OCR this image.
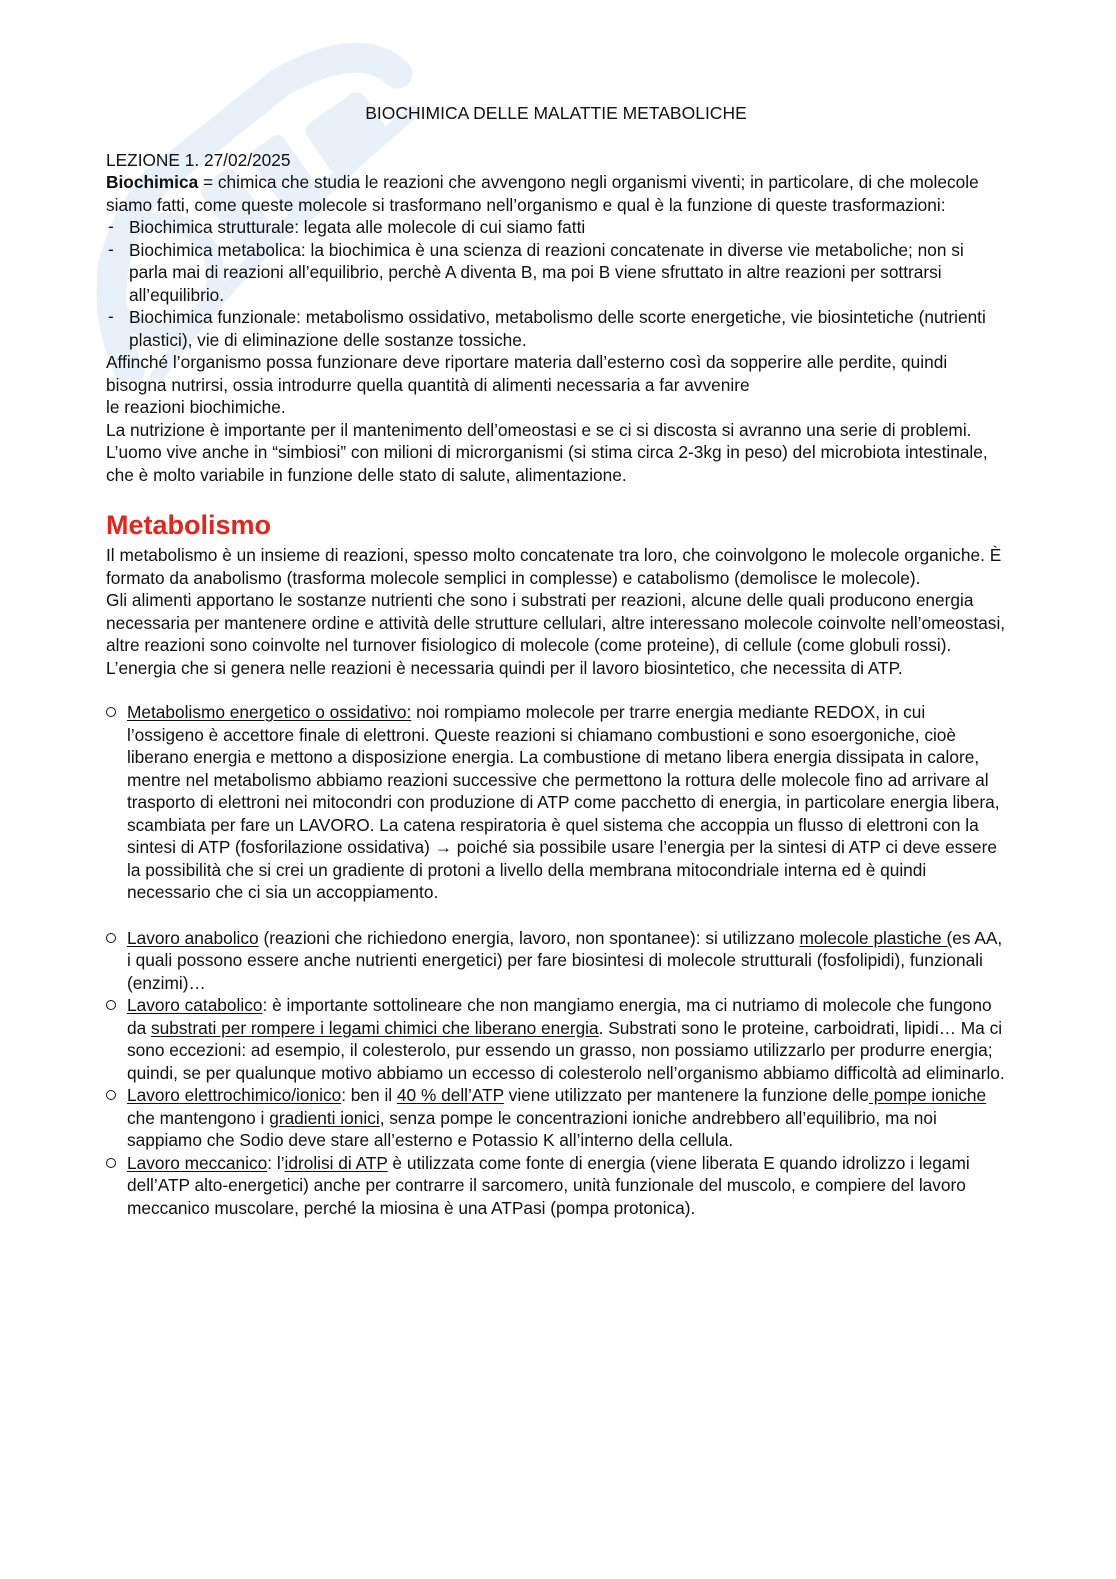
BIOCHIMICA DELLE MALATTIE METABOLICHE

LEZIONE 1. 27/02/2025

Biochimica = chimica che studia le reazioni che avvengono negli organismi viventi; in particolare, di che molecole siamo fatti, come queste molecole si trasformano nell’organismo e qual è la funzione di queste trasformazioni:

- Biochimica strutturale: legata alle molecole di cui siamo fatti
- Biochimica metabolica: la biochimica è una scienza di reazioni concatenate in diverse vie metaboliche; non si parla mai di reazioni all’equilibrio, perchè A diventa B, ma poi B viene sfruttato in altre reazioni per sottrarsi all’equilibrio.
- Biochimica funzionale: metabolismo ossidativo, metabolismo delle scorte energetiche, vie biosintetiche (nutrienti plastici), vie di eliminazione delle sostanze tossiche.

Affinché l’organismo possa funzionare deve riportare materia dall’esterno così da sopperire alle perdite, quindi bisogna nutrirsi, ossia introdurre quella quantità di alimenti necessaria a far avvenire

le reazioni biochimiche.

La nutrizione è importante per il mantenimento dell’omeostasi e se ci si discosta si avranno una serie di problemi.

L’uomo vive anche in “simbiosi” con milioni di microrganismi (si stima circa 2-3kg in peso) del microbiota intestinale, che è molto variabile in funzione delle stato di salute, alimentazione.

Metabolismo

Il metabolismo è un insieme di reazioni, spesso molto concatenate tra loro, che coinvolgono le molecole organiche. È formato da anabolismo (trasforma molecole semplici in complesse) e catabolismo (demolisce le molecole).

Gli alimenti apportano le sostanze nutrienti che sono i substrati per reazioni, alcune delle quali producono energia necessaria per mantenere ordine e attività delle strutture cellulari, altre interessano molecole coinvolte nell’omeostasi, altre reazioni sono coinvolte nel turnover fisiologico di molecole (come proteine), di cellule (come globuli rossi). L’energia che si genera nelle reazioni è necessaria quindi per il lavoro biosintetico, che necessita di ATP.

Metabolismo energetico o ossidativo: noi rompiamo molecole per trarre energia mediante REDOX, in cui l’ossigeno è accettore finale di elettroni. Queste reazioni si chiamano combustioni e sono esoergoniche, cioè liberano energia e mettono a disposizione energia. La combustione di metano libera energia dissipata in calore, mentre nel metabolismo abbiamo reazioni successive che permettono la rottura delle molecole fino ad arrivare al trasporto di elettroni nei mitocondri con produzione di ATP come pacchetto di energia, in particolare energia libera, scambiata per fare un LAVORO. La catena respiratoria è quel sistema che accoppia un flusso di elettroni con la sintesi di ATP (fosforilazione ossidativa) → poiché sia possibile usare l’energia per la sintesi di ATP ci deve essere la possibilità che si crei un gradiente di protoni a livello della membrana mitocondriale interna ed è quindi necessario che ci sia un accoppiamento.
Lavoro anabolico (reazioni che richiedono energia, lavoro, non spontanee): si utilizzano molecole plastiche (es AA, i quali possono essere anche nutrienti energetici) per fare biosintesi di molecole strutturali (fosfolipidi), funzionali (enzimi)…
Lavoro catabolico: è importante sottolineare che non mangiamo energia, ma ci nutriamo di molecole che fungono da substrati per rompere i legami chimici che liberano energia. Substrati sono le proteine, carboidrati, lipidi… Ma ci sono eccezioni: ad esempio, il colesterolo, pur essendo un grasso, non possiamo utilizzarlo per produrre energia; quindi, se per qualunque motivo abbiamo un eccesso di colesterolo nell’organismo abbiamo difficoltà ad eliminarlo.
Lavoro elettrochimico/ionico: ben il 40 % dell’ATP viene utilizzato per mantenere la funzione delle pompe ioniche che mantengono i gradienti ionici, senza pompe le concentrazioni ioniche andrebbero all’equilibrio, ma noi sappiamo che Sodio deve stare all’esterno e Potassio K all’interno della cellula.
Lavoro meccanico: l’idrolisi di ATP è utilizzata come fonte di energia (viene liberata E quando idrolizzo i legami dell’ATP alto-energetici) anche per contrarre il sarcomero, unità funzionale del muscolo, e compiere del lavoro meccanico muscolare, perché la miosina è una ATPasi (pompa protonica).
